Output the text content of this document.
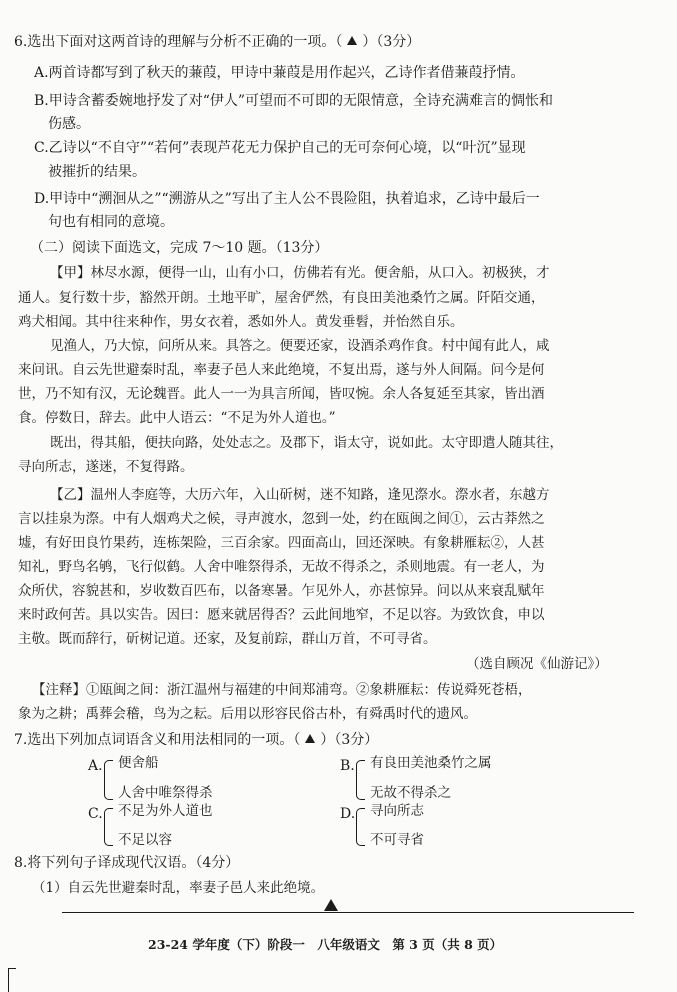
6.选出下面对这两首诗的理解与分析不正确的一项。（ ）（3分）
A.两首诗都写到了秋天的蒹葭，甲诗中蒹葭是用作起兴，乙诗作者借蒹葭抒情。
B.甲诗含蓄委婉地抒发了对“伊人”可望而不可即的无限情意，全诗充满难言的惆怅和
伤感。
C.乙诗以“不自守”“若何”表现芦花无力保护自己的无可奈何心境，以“叶沉”显现
被摧折的结果。
D.甲诗中“溯洄从之”“溯游从之”写出了主人公不畏险阻，执着追求，乙诗中最后一
句也有相同的意境。
（二）阅读下面选文，完成 7～10 题。（13分）
【甲】林尽水源，便得一山，山有小口，仿佛若有光。便舍船，从口入。初极狭，才
通人。复行数十步，豁然开朗。土地平旷，屋舍俨然，有良田美池桑竹之属。阡陌交通，
鸡犬相闻。其中往来种作，男女衣着，悉如外人。黄发垂髫，并怡然自乐。
见渔人，乃大惊，问所从来。具答之。便要还家，设酒杀鸡作食。村中闻有此人，咸
来问讯。自云先世避秦时乱，率妻子邑人来此绝境，不复出焉，遂与外人间隔。问今是何
世，乃不知有汉，无论魏晋。此人一一为具言所闻，皆叹惋。余人各复延至其家，皆出酒
食。停数日，辞去。此中人语云：“不足为外人道也。”
既出，得其船，便扶向路，处处志之。及郡下，诣太守，说如此。太守即遣人随其往，
寻向所志，遂迷，不复得路。
【乙】温州人李庭等，大历六年，入山斫树，迷不知路，逢见漈水。漈水者，东越方
言以挂泉为漈。中有人烟鸡犬之候，寻声渡水，忽到一处，约在瓯闽之间①，云古莽然之
墟，有好田良竹果药，连栋架险，三百余家。四面高山，回还深映。有象耕雁耘②，人甚
知礼，野鸟名鸲，飞行似鹤。人舍中唯祭得杀，无故不得杀之，杀则地震。有一老人，为
众所伏，容貌甚和，岁收数百匹布，以备寒暑。乍见外人，亦甚惊异。问以从来衰乱赋年
来时政何苦。具以实告。因曰：愿来就居得否？云此间地窄，不足以容。为致饮食，申以
主敬。既而辞行，斫树记道。还家，及复前踪，群山万首，不可寻省。
（选自顾况《仙游记》）
【注释】①瓯闽之间：浙江温州与福建的中间郑浦弯。②象耕雁耘：传说舜死苍梧，
象为之耕；禹葬会稽，鸟为之耘。后用以形容民俗古朴，有舜禹时代的遗风。
7.选出下列加点词语含义和用法相同的一项。（ ）（3分）
A. 便舍船
人舍中唯祭得杀
B. 有良田美池桑竹之属
无故不得杀之
C. 不足为外人道也
不足以容
D. 寻向所志
不可寻省
8.将下列句子译成现代汉语。（4分）
（1）自云先世避秦时乱，率妻子邑人来此绝境。
23-24 学年度（下）阶段一　八年级语文　第 3 页（共 8 页）
